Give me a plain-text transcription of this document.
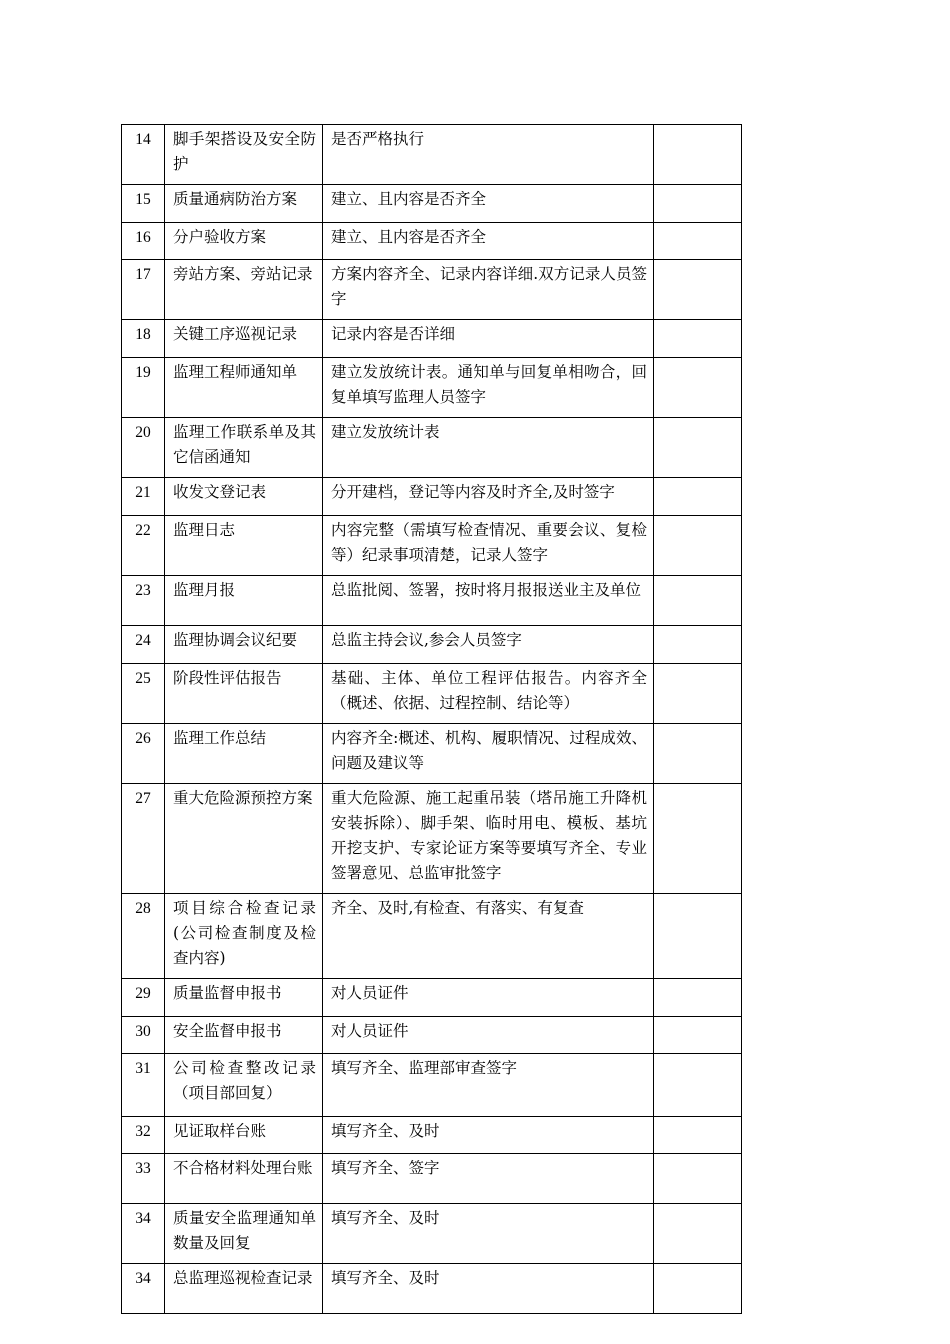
14	脚手架搭设及安全防护	是否严格执行	
15	质量通病防治方案	建立、且内容是否齐全	
16	分户验收方案	建立、且内容是否齐全	
17	旁站方案、旁站记录	方案内容齐全、记录内容详细.双方记录人员签字	
18	关键工序巡视记录	记录内容是否详细	
19	监理工程师通知单	建立发放统计表。通知单与回复单相吻合，回复单填写监理人员签字	
20	监理工作联系单及其它信函通知	建立发放统计表	
21	收发文登记表	分开建档，登记等内容及时齐全,及时签字	
22	监理日志	内容完整（需填写检查情况、重要会议、复检等）纪录事项清楚，记录人签字	
23	监理月报	总监批阅、签署，按时将月报报送业主及单位	
24	监理协调会议纪要	总监主持会议,参会人员签字	
25	阶段性评估报告	基础、主体、单位工程评估报告。内容齐全（概述、依据、过程控制、结论等）	
26	监理工作总结	内容齐全:概述、机构、履职情况、过程成效、问题及建议等	
27	重大危险源预控方案	重大危险源、施工起重吊装（塔吊施工升降机安装拆除）、脚手架、临时用电、模板、基坑开挖支护、专家论证方案等要填写齐全、专业签署意见、总监审批签字	
28	项目综合检查记录(公司检查制度及检查内容)	齐全、及时,有检查、有落实、有复查	
29	质量监督申报书	对人员证件	
30	安全监督申报书	对人员证件	
31	公司检查整改记录（项目部回复）	填写齐全、监理部审查签字	
32	见证取样台账	填写齐全、及时	
33	不合格材料处理台账	填写齐全、签字	
34	质量安全监理通知单数量及回复	填写齐全、及时	
34	总监理巡视检查记录	填写齐全、及时	
